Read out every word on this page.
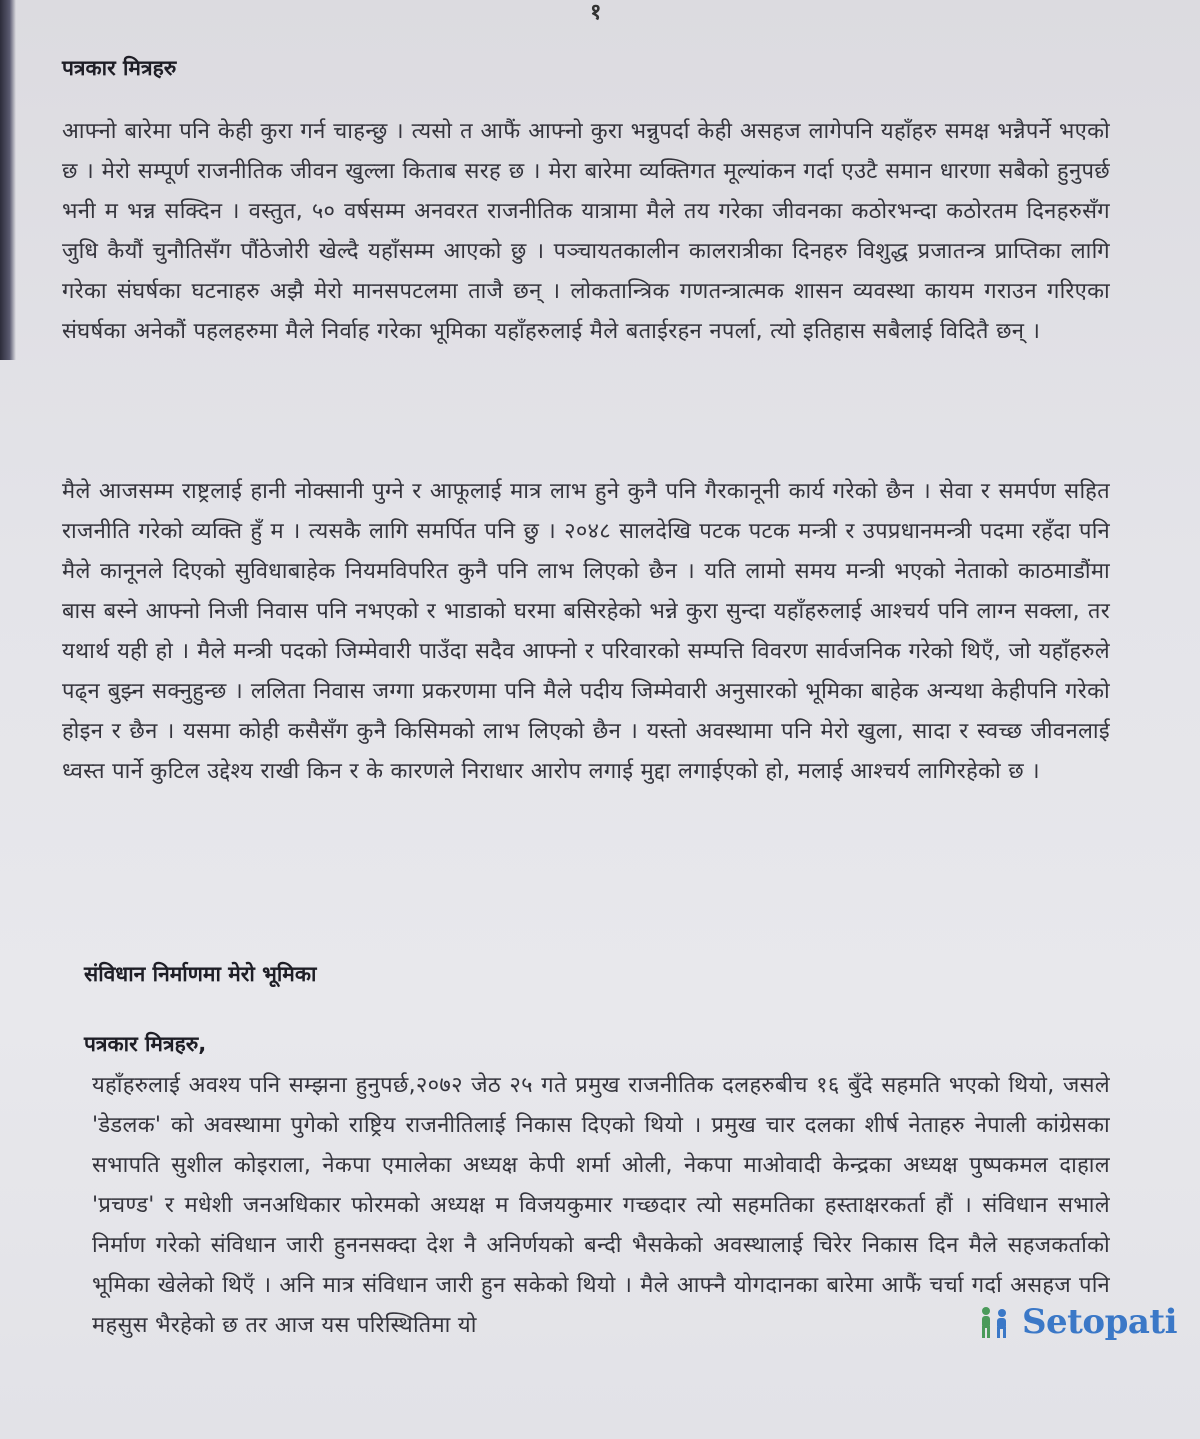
१

पत्रकार मित्रहरु

आफ्नो बारेमा पनि केही कुरा गर्न चाहन्छु । त्यसो त आफैं आफ्नो कुरा भन्नुपर्दा केही असहज लागेपनि यहाँहरु समक्ष भन्नैपर्ने भएको छ । मेरो सम्पूर्ण राजनीतिक जीवन खुल्ला किताब सरह छ । मेरा बारेमा व्यक्तिगत मूल्यांकन गर्दा एउटै समान धारणा सबैको हुनुपर्छ भनी म भन्न सक्दिन । वस्तुत, ५० वर्षसम्म अनवरत राजनीतिक यात्रामा मैले तय गरेका जीवनका कठोरभन्दा कठोरतम दिनहरुसँग जुधि कैयौं चुनौतिसँग पौंठेजोरी खेल्दै यहाँसम्म आएको छु । पञ्चायतकालीन कालरात्रीका दिनहरु विशुद्ध प्रजातन्त्र प्राप्तिका लागि गरेका संघर्षका घटनाहरु अझै मेरो मानसपटलमा ताजै छन् । लोकतान्त्रिक गणतन्त्रात्मक शासन व्यवस्था कायम गराउन गरिएका संघर्षका अनेकौं पहलहरुमा मैले निर्वाह गरेका भूमिका यहाँहरुलाई मैले बताईरहन नपर्ला, त्यो इतिहास सबैलाई विदितै छन् ।

मैले आजसम्म राष्ट्रलाई हानी नोक्सानी पुग्ने र आफूलाई मात्र लाभ हुने कुनै पनि गैरकानूनी कार्य गरेको छैन । सेवा र समर्पण सहित राजनीति गरेको व्यक्ति हुँ म । त्यसकै लागि समर्पित पनि छु । २०४८ सालदेखि पटक पटक मन्त्री र उपप्रधानमन्त्री पदमा रहँदा पनि मैले कानूनले दिएको सुविधाबाहेक नियमविपरित कुनै पनि लाभ लिएको छैन । यति लामो समय मन्त्री भएको नेताको काठमाडौंमा बास बस्ने आफ्नो निजी निवास पनि नभएको र भाडाको घरमा बसिरहेको भन्ने कुरा सुन्दा यहाँहरुलाई आश्चर्य पनि लाग्न सक्ला, तर यथार्थ यही हो । मैले मन्त्री पदको जिम्मेवारी पाउँदा सदैव आफ्नो र परिवारको सम्पत्ति विवरण सार्वजनिक गरेको थिएँ, जो यहाँहरुले पढ्न बुझ्न सक्नुहुन्छ । ललिता निवास जग्गा प्रकरणमा पनि मैले पदीय जिम्मेवारी अनुसारको भूमिका बाहेक अन्यथा केहीपनि गरेको होइन र छैन । यसमा कोही कसैसँग कुनै किसिमको लाभ लिएको छैन । यस्तो अवस्थामा पनि मेरो खुला, सादा र स्वच्छ जीवनलाई ध्वस्त पार्ने कुटिल उद्देश्य राखी किन र के कारणले निराधार आरोप लगाई मुद्दा लगाईएको हो, मलाई आश्चर्य लागिरहेको छ ।

संविधान निर्माणमा मेरो भूमिका

पत्रकार मित्रहरु,

यहाँहरुलाई अवश्य पनि सम्झना हुनुपर्छ,२०७२ जेठ २५ गते प्रमुख राजनीतिक दलहरुबीच १६ बुँदे सहमति भएको थियो, जसले 'डेडलक' को अवस्थामा पुगेको राष्ट्रिय राजनीतिलाई निकास दिएको थियो । प्रमुख चार दलका शीर्ष नेताहरु नेपाली कांग्रेसका सभापति सुशील कोइराला, नेकपा एमालेका अध्यक्ष केपी शर्मा ओली, नेकपा माओवादी केन्द्रका अध्यक्ष पुष्पकमल दाहाल 'प्रचण्ड' र मधेशी जनअधिकार फोरमको अध्यक्ष म विजयकुमार गच्छदार त्यो सहमतिका हस्ताक्षरकर्ता हौं । संविधान सभाले निर्माण गरेको संविधान जारी हुननसक्दा देश नै अनिर्णयको बन्दी भैसकेको अवस्थालाई चिरेर निकास दिन मैले सहजकर्ताको भूमिका खेलेको थिएँ । अनि मात्र संविधान जारी हुन सकेको थियो । मैले आफ्नै योगदानका बारेमा आफैं चर्चा गर्दा असहज पनि महसुस भैरहेको छ तर आज यस परिस्थितिमा यो	Setopati
